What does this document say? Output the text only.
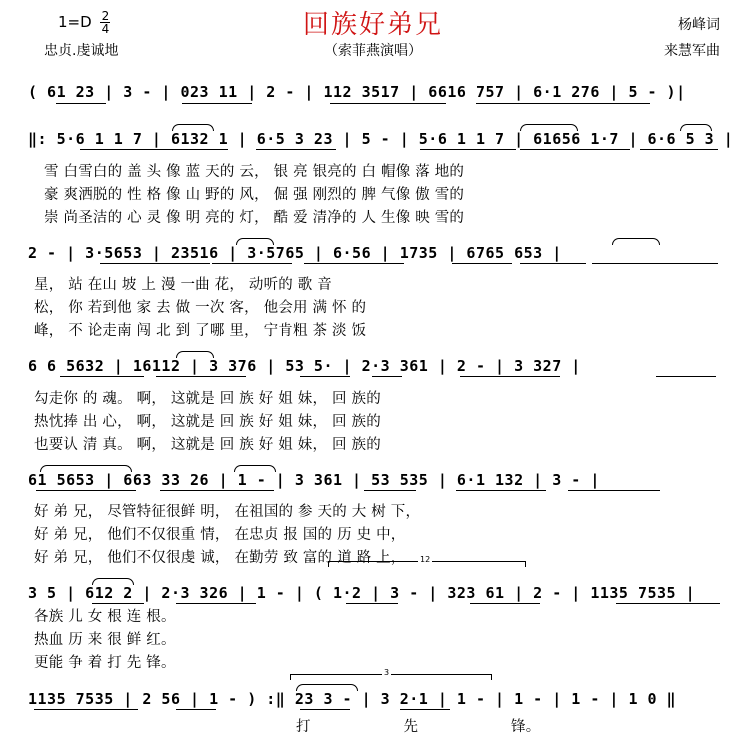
$1=D \frac{2}{4}$
忠贞.虔诚地
回族好弟兄
（索菲燕演唱）
杨峰词
来慧军曲
( 61 23 | 3 - | 023 11 | 2 - | 112 3517 | 6616 757 | 6·1 276 | 5 - )|
‖: 5·6 1 1 7 | 6132 1 | 6·5 3 23 | 5 - | 5·6 1 1 7 | 61656 1·7 | 6·6 5 3 |
雪 白雪白的 盖 头 像 蓝 天的 云， 银 亮 银亮的 白 帽像 落 地的
豪 爽洒脱的 性 格 像 山 野的 风， 倔 强 刚烈的 脾 气像 傲 雪的
崇 尚圣洁的 心 灵 像 明 亮的 灯， 酷 爱 清净的 人 生像 映 雪的
2 - | 3·5653 | 23516 | 3·5765 | 6·56 | 1735 | 6765 653 |
星， 站 在山 坡 上 漫 一曲 花， 动听的 歌 音
松， 你 若到他 家 去 做 一次 客， 他会用 满 怀 的
峰， 不 论走南 闯 北 到 了哪 里， 宁肯粗 茶 淡 饭
6 6 5632 | 16112 | 3 376 | 53 5· | 2·3 361 | 2 - | 3 327 |
勾走你 的 魂。 啊， 这就是 回 族 好 姐 妹， 回 族的
热忱捧 出 心， 啊， 这就是 回 族 好 姐 妹， 回 族的
也要认 清 真。 啊， 这就是 回 族 好 姐 妹， 回 族的
61 5653 | 663 33 26 | 1 - | 3 361 | 53 535 | 6·1 132 | 3 - |
好 弟 兄， 尽管特征很鲜 明， 在祖国的 参 天的 大 树 下，
好 弟 兄， 他们不仅很重 情， 在忠贞 报 国的 历 史 中，
好 弟 兄， 他们不仅很虔 诚， 在勤劳 致 富的 道 路 上， 12
3 5 | 612 2 | 2·3 326 | 1 - | ( 1·2 | 3 - | 323 61 | 2 - | 1135 7535 |
各族 儿 女 根 连 根。
热血 历 来 很 鲜 红。
更能 争 着 打 先 锋。
3
1135 7535 | 2 56 | 1 - ) :‖ 23 3 - | 3 2·1 | 1 - | 1 - | 1 - | 1 0 ‖
打 先 锋。
